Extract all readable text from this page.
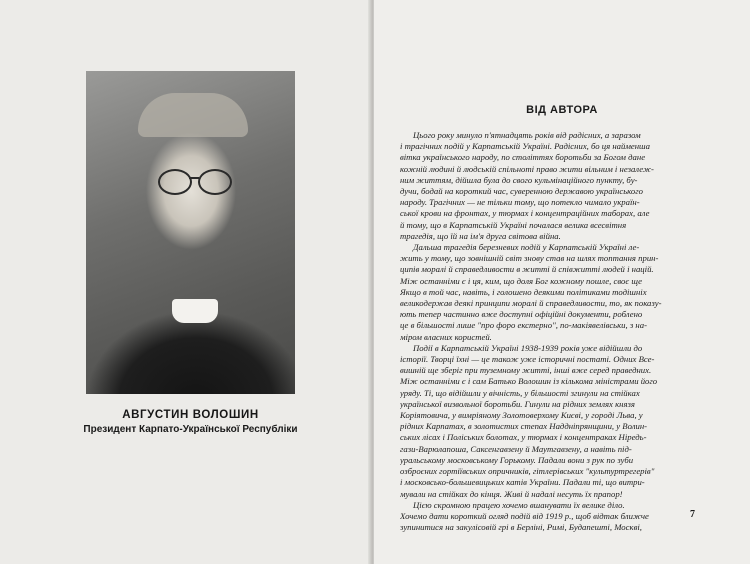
АВГУСТИН ВОЛОШИН
Президент Карпато-Української Республіки
ВІД АВТОРА
Цього року минуло п'ятнадцять років від радісних, а заразом
і трагічних подій у Карпатській Україні. Радісних, бо ця найменша
вітка українського народу, по століттях боротьби за Богом дане
кожній людині й людській спільноті право жити вільним і незалеж-
ним життям, дійшла була до свого кульмінаційного пункту, бу-
дучи, бодай на короткий час, суверенною державою українського
народу. Трагічних — не тільки тому, що потекло чимало україн-
ської крови на фронтах, у тюрмах і концентраційних таборах, але
й тому, що в Карпатській Україні почалася велика всесвітня
трагедія, що їй на ім'я друга світова війна.
Дальша трагедія березневих подій у Карпатській Україні ле-
жить у тому, що зовнішній світ знову став на шлях топтання прин-
ципів моралі й справедливости в житті й співжитті людей і націй.
Між останніми є і ця, ким, що доля Бог кожному пошле, своє ще
Якщо в той час, навіть, і голошено деякими політиками тодішніх
великодержав деякі принципи моралі й справедливости, то, як показу-
ють тепер частинно вже доступні офіційні документи, роблено
це в більшості лише "про форо екстерно", по-макіявелівськи, з на-
міром власних користей.
Події в Карпатській Україні 1938-1939 років уже відійшли до
історії. Творці їхні — це також уже історичні постаті. Одних Все-
вишній ще зберіг при туземному житті, інші вже серед праведних.
Між останніми є і сам Батько Волошин із кількома міністрами його
уряду. Ті, що відійшли у вічність, у більшості згинули на стійках
української визвольної боротьби. Гинули на рідних землях князя
Коріятовича, у вимріяному Золотоверхому Києві, у городі Льва, у
рідних Карпатах, в золотистих степах Наддніпрянщини, у Волин-
ських лісах і Поліських болотах, у тюрмах і концентраках Ніредь-
гази-Варюлапоша, Саксенгавзену й Маутгавзену, а навіть під-
уральському московському Горькому. Падали вони з рук по зуби
озброєних гортіївських опричників, гітлерівських "культуртрегерів"
і московсько-большевицьких катів України. Падали ті, що витри-
мували на стійках до кінця. Живі й надалі несуть їх прапор!
Цією скромною працею хочемо вшанувати їх велике діло.
Хочемо дати короткий огляд подій від 1919 р., щоб відтак ближче
зупинитися на закулісовій грі в Берліні, Римі, Будапешті, Москві,
7
